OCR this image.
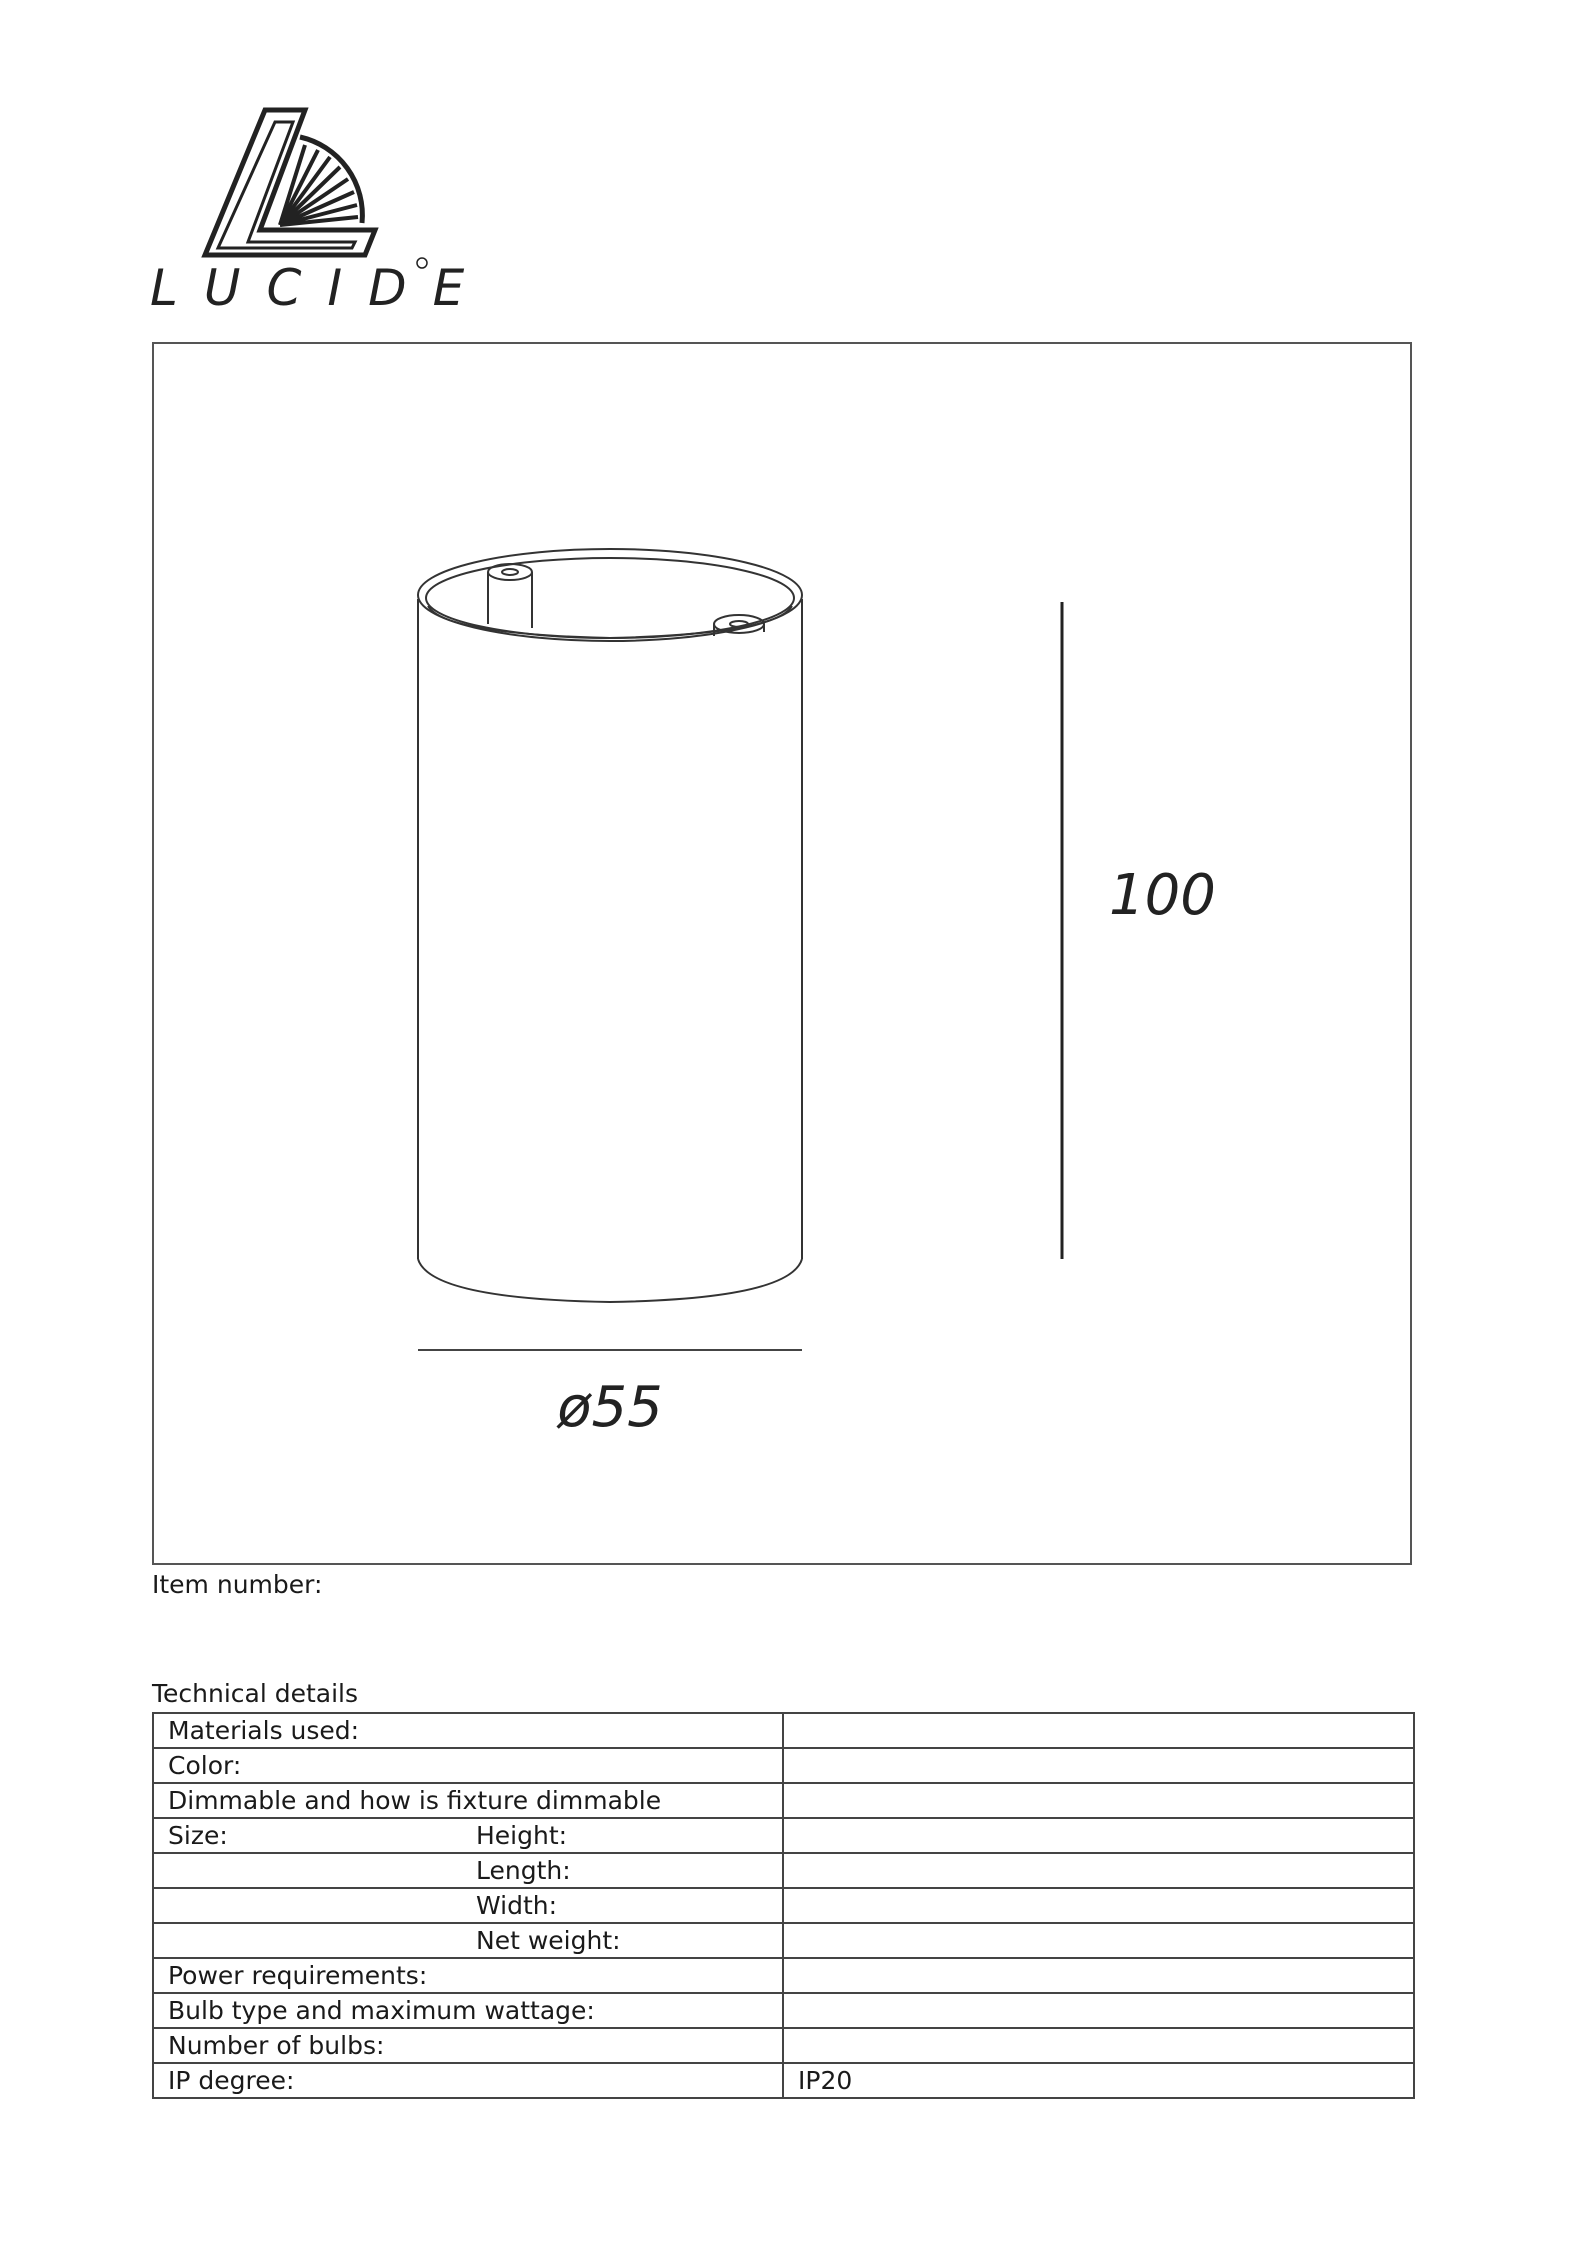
LUCIDE
100
ø55
Item number:
Technical details
Materials used:	

Color:	

Dimmable and how is fixture dimmable	

Size: Height:	

Length:	

Width:	

Net weight:	

Power requirements:	

Bulb type and maximum wattage:	

Number of bulbs:	

IP degree:	IP20
